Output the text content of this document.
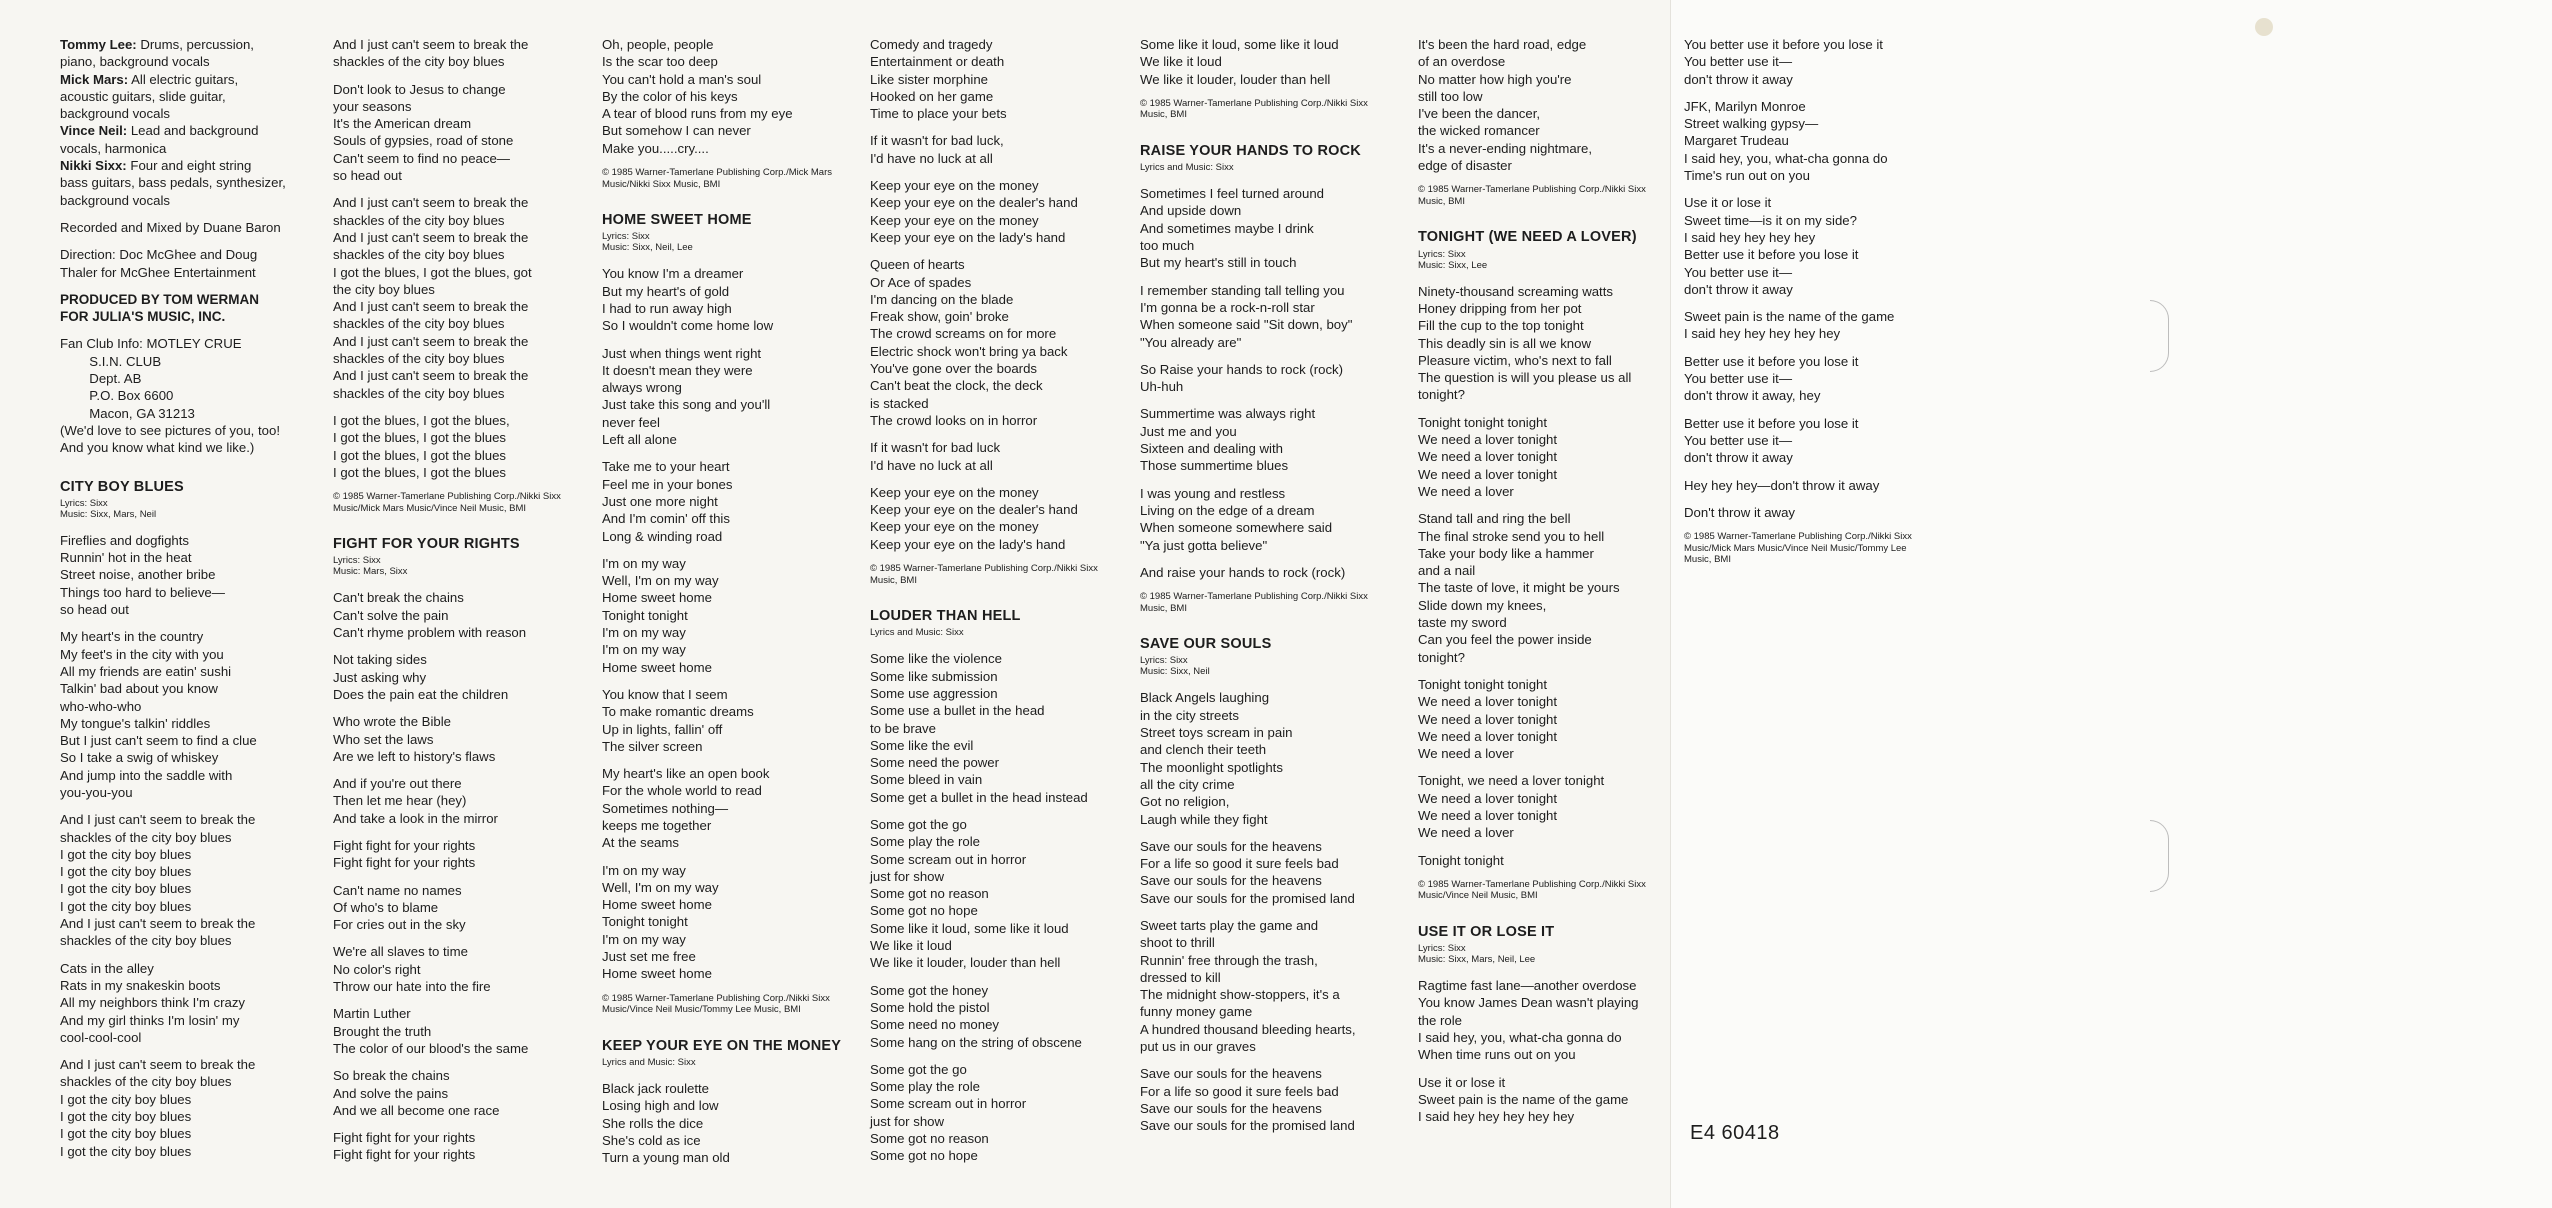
Tommy Lee: Drums, percussion,
piano, background vocals
Mick Mars: All electric guitars,
acoustic guitars, slide guitar,
background vocals
Vince Neil: Lead and background
vocals, harmonica
Nikki Sixx: Four and eight string
bass guitars, bass pedals, synthesizer,
background vocals

Recorded and Mixed by Duane Baron

Direction: Doc McGhee and Doug
Thaler for McGhee Entertainment

PRODUCED BY TOM WERMAN
FOR JULIA'S MUSIC, INC.

Fan Club Info: MOTLEY CRUE
S.I.N. CLUB
Dept. AB
P.O. Box 6600
Macon, GA 31213
(We'd love to see pictures of you, too!
And you know what kind we like.)

CITY BOY BLUES
Lyrics: Sixx
Music: Sixx, Mars, Neil

Fireflies and dogfights
Runnin' hot in the heat
Street noise, another bribe
Things too hard to believe—
so head out

My heart's in the country
My feet's in the city with you
All my friends are eatin' sushi
Talkin' bad about you know
who-who-who
My tongue's talkin' riddles
But I just can't seem to find a clue
So I take a swig of whiskey
And jump into the saddle with
you-you-you

And I just can't seem to break the
shackles of the city boy blues
I got the city boy blues
I got the city boy blues
I got the city boy blues
I got the city boy blues
And I just can't seem to break the
shackles of the city boy blues

Cats in the alley
Rats in my snakeskin boots
All my neighbors think I'm crazy
And my girl thinks I'm losin' my
cool-cool-cool

And I just can't seem to break the
shackles of the city boy blues
I got the city boy blues
I got the city boy blues
I got the city boy blues
I got the city boy blues

And I just can't seem to break the
shackles of the city boy blues

Don't look to Jesus to change
your seasons
It's the American dream
Souls of gypsies, road of stone
Can't seem to find no peace—
so head out

And I just can't seem to break the
shackles of the city boy blues
And I just can't seem to break the
shackles of the city boy blues
I got the blues, I got the blues, got
the city boy blues
And I just can't seem to break the
shackles of the city boy blues
And I just can't seem to break the
shackles of the city boy blues
And I just can't seem to break the
shackles of the city boy blues

I got the blues, I got the blues,
I got the blues, I got the blues
I got the blues, I got the blues
I got the blues, I got the blues

© 1985 Warner-Tamerlane Publishing Corp./Nikki Sixx
Music/Mick Mars Music/Vince Neil Music, BMI

FIGHT FOR YOUR RIGHTS
Lyrics: Sixx
Music: Mars, Sixx

Can't break the chains
Can't solve the pain
Can't rhyme problem with reason

Not taking sides
Just asking why
Does the pain eat the children

Who wrote the Bible
Who set the laws
Are we left to history's flaws

And if you're out there
Then let me hear (hey)
And take a look in the mirror

Fight fight for your rights
Fight fight for your rights

Can't name no names
Of who's to blame
For cries out in the sky

We're all slaves to time
No color's right
Throw our hate into the fire

Martin Luther
Brought the truth
The color of our blood's the same

So break the chains
And solve the pains
And we all become one race

Fight fight for your rights
Fight fight for your rights

Oh, people, people
Is the scar too deep
You can't hold a man's soul
By the color of his keys
A tear of blood runs from my eye
But somehow I can never
Make you.....cry....

© 1985 Warner-Tamerlane Publishing Corp./Mick Mars
Music/Nikki Sixx Music, BMI

HOME SWEET HOME
Lyrics: Sixx
Music: Sixx, Neil, Lee

You know I'm a dreamer
But my heart's of gold
I had to run away high
So I wouldn't come home low

Just when things went right
It doesn't mean they were
always wrong
Just take this song and you'll
never feel
Left all alone

Take me to your heart
Feel me in your bones
Just one more night
And I'm comin' off this
Long & winding road

I'm on my way
Well, I'm on my way
Home sweet home
Tonight tonight
I'm on my way
I'm on my way
Home sweet home

You know that I seem
To make romantic dreams
Up in lights, fallin' off
The silver screen

My heart's like an open book
For the whole world to read
Sometimes nothing—
keeps me together
At the seams

I'm on my way
Well, I'm on my way
Home sweet home
Tonight tonight
I'm on my way
Just set me free
Home sweet home

© 1985 Warner-Tamerlane Publishing Corp./Nikki Sixx
Music/Vince Neil Music/Tommy Lee Music, BMI

KEEP YOUR EYE ON THE MONEY
Lyrics and Music: Sixx

Black jack roulette
Losing high and low
She rolls the dice
She's cold as ice
Turn a young man old

Comedy and tragedy
Entertainment or death
Like sister morphine
Hooked on her game
Time to place your bets

If it wasn't for bad luck,
I'd have no luck at all

Keep your eye on the money
Keep your eye on the dealer's hand
Keep your eye on the money
Keep your eye on the lady's hand

Queen of hearts
Or Ace of spades
I'm dancing on the blade
Freak show, goin' broke
The crowd screams on for more
Electric shock won't bring ya back
You've gone over the boards
Can't beat the clock, the deck
is stacked
The crowd looks on in horror

If it wasn't for bad luck
I'd have no luck at all

Keep your eye on the money
Keep your eye on the dealer's hand
Keep your eye on the money
Keep your eye on the lady's hand

© 1985 Warner-Tamerlane Publishing Corp./Nikki Sixx
Music, BMI

LOUDER THAN HELL
Lyrics and Music: Sixx

Some like the violence
Some like submission
Some use aggression
Some use a bullet in the head
to be brave
Some like the evil
Some need the power
Some bleed in vain
Some get a bullet in the head instead

Some got the go
Some play the role
Some scream out in horror
just for show
Some got no reason
Some got no hope
Some like it loud, some like it loud
We like it loud
We like it louder, louder than hell

Some got the honey
Some hold the pistol
Some need no money
Some hang on the string of obscene

Some got the go
Some play the role
Some scream out in horror
just for show
Some got no reason
Some got no hope

Some like it loud, some like it loud
We like it loud
We like it louder, louder than hell

© 1985 Warner-Tamerlane Publishing Corp./Nikki Sixx
Music, BMI

RAISE YOUR HANDS TO ROCK
Lyrics and Music: Sixx

Sometimes I feel turned around
And upside down
And sometimes maybe I drink
too much
But my heart's still in touch

I remember standing tall telling you
I'm gonna be a rock-n-roll star
When someone said "Sit down, boy"
"You already are"

So Raise your hands to rock (rock)
Uh-huh

Summertime was always right
Just me and you
Sixteen and dealing with
Those summertime blues

I was young and restless
Living on the edge of a dream
When someone somewhere said
"Ya just gotta believe"

And raise your hands to rock (rock)

© 1985 Warner-Tamerlane Publishing Corp./Nikki Sixx
Music, BMI

SAVE OUR SOULS
Lyrics: Sixx
Music: Sixx, Neil

Black Angels laughing
in the city streets
Street toys scream in pain
and clench their teeth
The moonlight spotlights
all the city crime
Got no religion,
Laugh while they fight

Save our souls for the heavens
For a life so good it sure feels bad
Save our souls for the heavens
Save our souls for the promised land

Sweet tarts play the game and
shoot to thrill
Runnin' free through the trash,
dressed to kill
The midnight show-stoppers, it's a
funny money game
A hundred thousand bleeding hearts,
put us in our graves

Save our souls for the heavens
For a life so good it sure feels bad
Save our souls for the heavens
Save our souls for the promised land

It's been the hard road, edge
of an overdose
No matter how high you're
still too low
I've been the dancer,
the wicked romancer
It's a never-ending nightmare,
edge of disaster

© 1985 Warner-Tamerlane Publishing Corp./Nikki Sixx
Music, BMI

TONIGHT (WE NEED A LOVER)
Lyrics: Sixx
Music: Sixx, Lee

Ninety-thousand screaming watts
Honey dripping from her pot
Fill the cup to the top tonight
This deadly sin is all we know
Pleasure victim, who's next to fall
The question is will you please us all
tonight?

Tonight tonight tonight
We need a lover tonight
We need a lover tonight
We need a lover tonight
We need a lover

Stand tall and ring the bell
The final stroke send you to hell
Take your body like a hammer
and a nail
The taste of love, it might be yours
Slide down my knees,
taste my sword
Can you feel the power inside
tonight?

Tonight tonight tonight
We need a lover tonight
We need a lover tonight
We need a lover tonight
We need a lover

Tonight, we need a lover tonight
We need a lover tonight
We need a lover tonight
We need a lover

Tonight tonight

© 1985 Warner-Tamerlane Publishing Corp./Nikki Sixx
Music/Vince Neil Music, BMI

USE IT OR LOSE IT
Lyrics: Sixx
Music: Sixx, Mars, Neil, Lee

Ragtime fast lane—another overdose
You know James Dean wasn't playing
the role
I said hey, you, what-cha gonna do
When time runs out on you

Use it or lose it
Sweet pain is the name of the game
I said hey hey hey hey hey

You better use it before you lose it
You better use it—
don't throw it away

JFK, Marilyn Monroe
Street walking gypsy—
Margaret Trudeau
I said hey, you, what-cha gonna do
Time's run out on you

Use it or lose it
Sweet time—is it on my side?
I said hey hey hey hey
Better use it before you lose it
You better use it—
don't throw it away

Sweet pain is the name of the game
I said hey hey hey hey hey

Better use it before you lose it
You better use it—
don't throw it away, hey

Better use it before you lose it
You better use it—
don't throw it away

Hey hey hey—don't throw it away

Don't throw it away

© 1985 Warner-Tamerlane Publishing Corp./Nikki Sixx
Music/Mick Mars Music/Vince Neil Music/Tommy Lee
Music, BMI

E4 60418
